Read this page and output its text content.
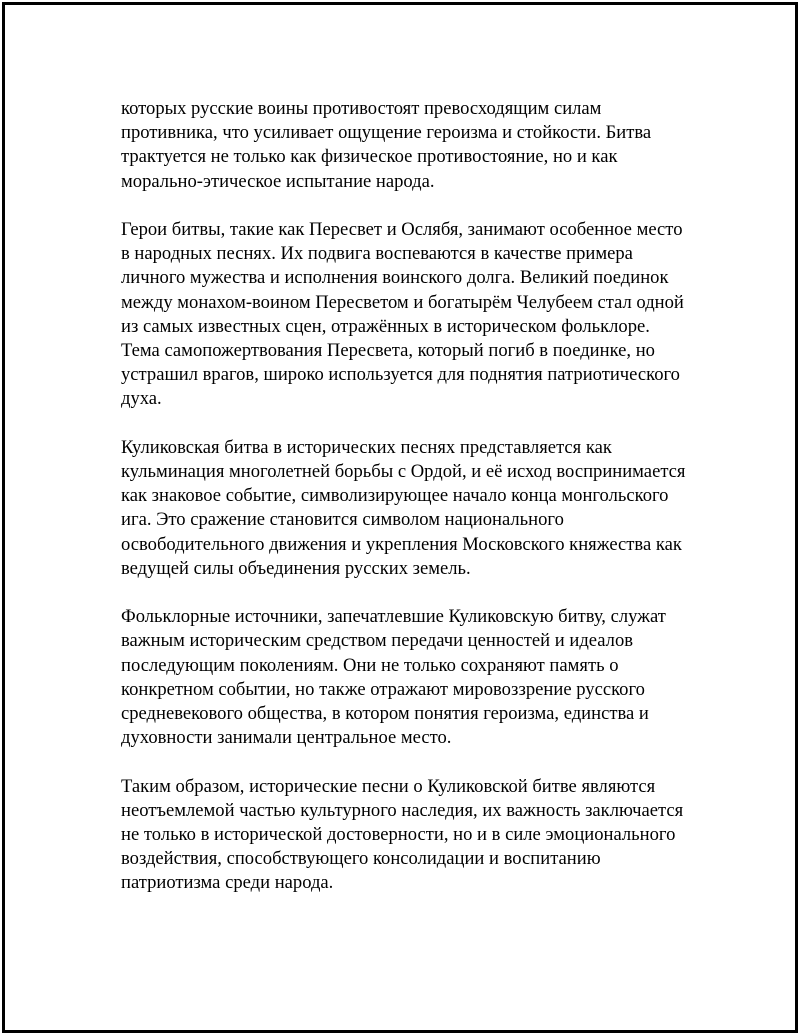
которых русские воины противостоят превосходящим силам
противника, что усиливает ощущение героизма и стойкости. Битва
трактуется не только как физическое противостояние, но и как
морально-этическое испытание народа.

Герои битвы, такие как Пересвет и Ослябя, занимают особенное место
в народных песнях. Их подвига воспеваются в качестве примера
личного мужества и исполнения воинского долга. Великий поединок
между монахом-воином Пересветом и богатырём Челубеем стал одной
из самых известных сцен, отражённых в историческом фольклоре.
Тема самопожертвования Пересвета, который погиб в поединке, но
устрашил врагов, широко используется для поднятия патриотического
духа.

Куликовская битва в исторических песнях представляется как
кульминация многолетней борьбы с Ордой, и её исход воспринимается
как знаковое событие, символизирующее начало конца монгольского
ига. Это сражение становится символом национального
освободительного движения и укрепления Московского княжества как
ведущей силы объединения русских земель.

Фольклорные источники, запечатлевшие Куликовскую битву, служат
важным историческим средством передачи ценностей и идеалов
последующим поколениям. Они не только сохраняют память о
конкретном событии, но также отражают мировоззрение русского
средневекового общества, в котором понятия героизма, единства и
духовности занимали центральное место.

Таким образом, исторические песни о Куликовской битве являются
неотъемлемой частью культурного наследия, их важность заключается
не только в исторической достоверности, но и в силе эмоционального
воздействия, способствующего консолидации и воспитанию
патриотизма среди народа.
